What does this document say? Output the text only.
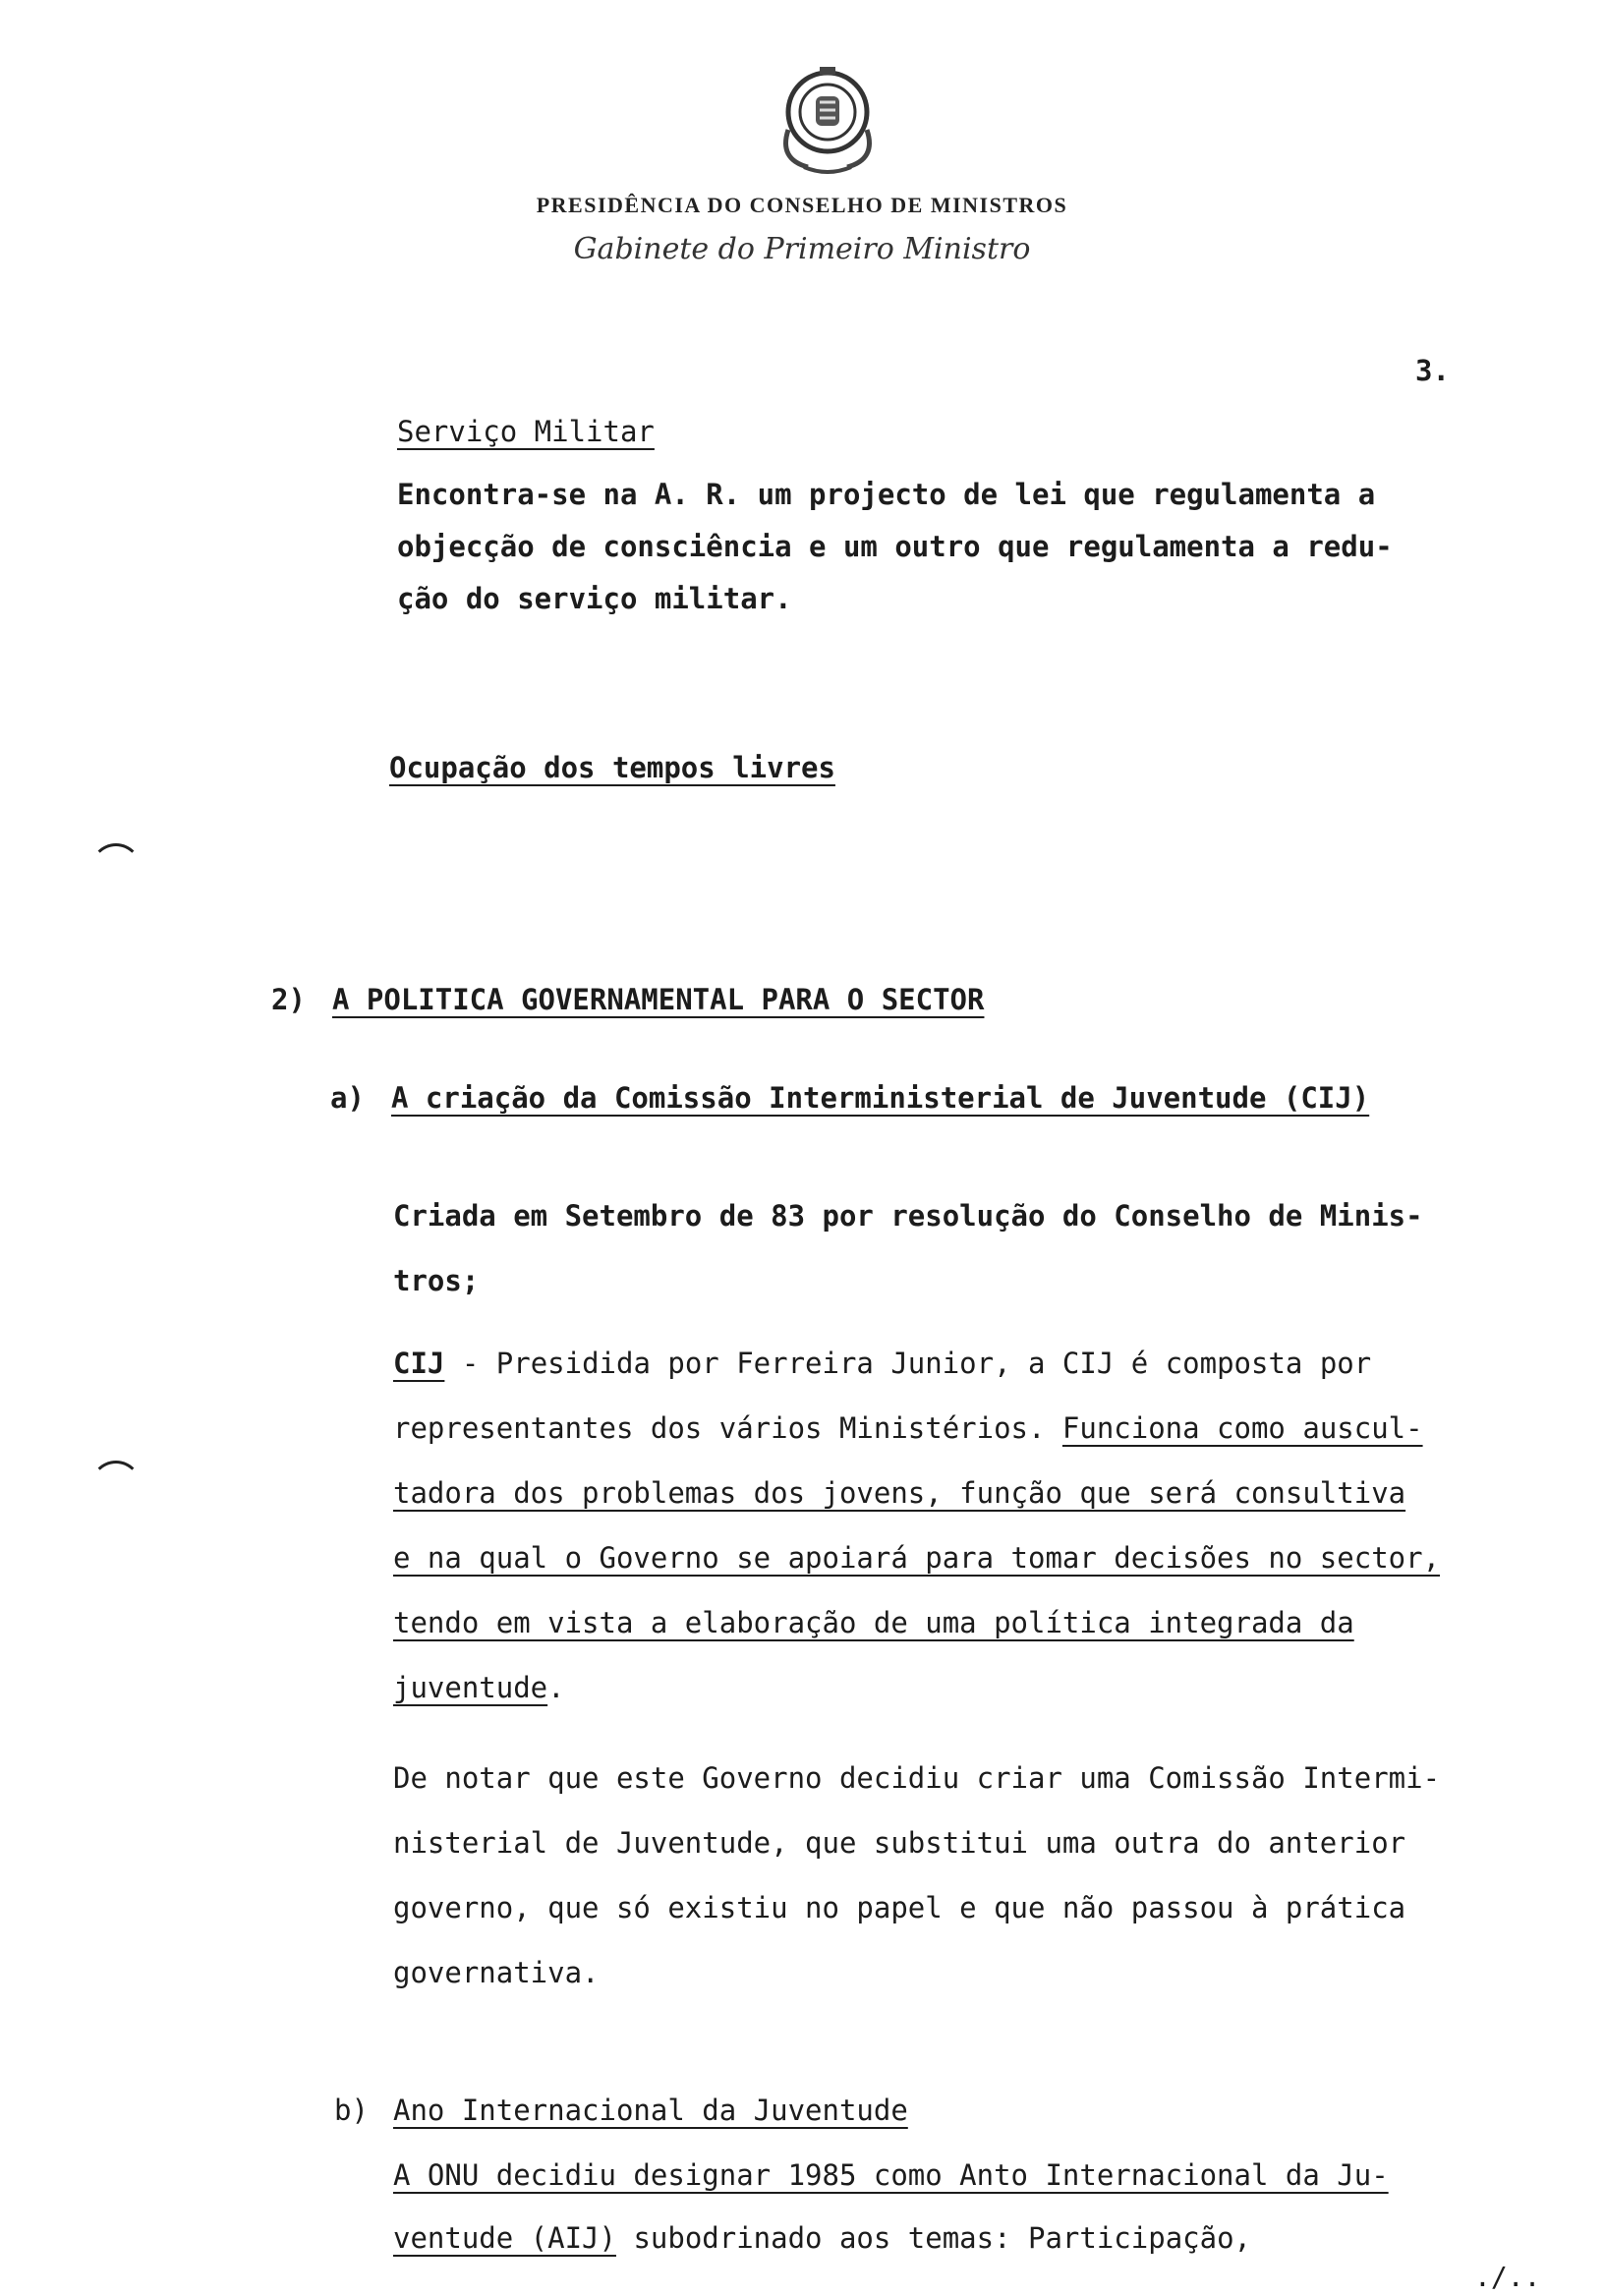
PRESIDÊNCIA DO CONSELHO DE MINISTROS
Gabinete do Primeiro Ministro
3.
Serviço Militar
Encontra-se na A. R. um projecto de lei que regulamenta a
objecção de consciência e um outro que regulamenta a redu-
ção do serviço militar.
Ocupação dos tempos livres
2) A POLITICA GOVERNAMENTAL PARA O SECTOR
a) A criação da Comissão Interministerial de Juventude (CIJ)
Criada em Setembro de 83 por resolução do Conselho de Minis-
tros;
CIJ - Presidida por Ferreira Junior, a CIJ é composta por
representantes dos vários Ministérios. Funciona como auscul-
tadora dos problemas dos jovens, função que será consultiva
e na qual o Governo se apoiará para tomar decisões no sector,
tendo em vista a elaboração de uma política integrada da
juventude.
De notar que este Governo decidiu criar uma Comissão Intermi-
nisterial de Juventude, que substitui uma outra do anterior
governo, que só existiu no papel e que não passou à prática
governativa.
b) Ano Internacional da Juventude
A ONU decidiu designar 1985 como Anto Internacional da Ju-
ventude (AIJ) subodrinado aos temas: Participação,
./..
